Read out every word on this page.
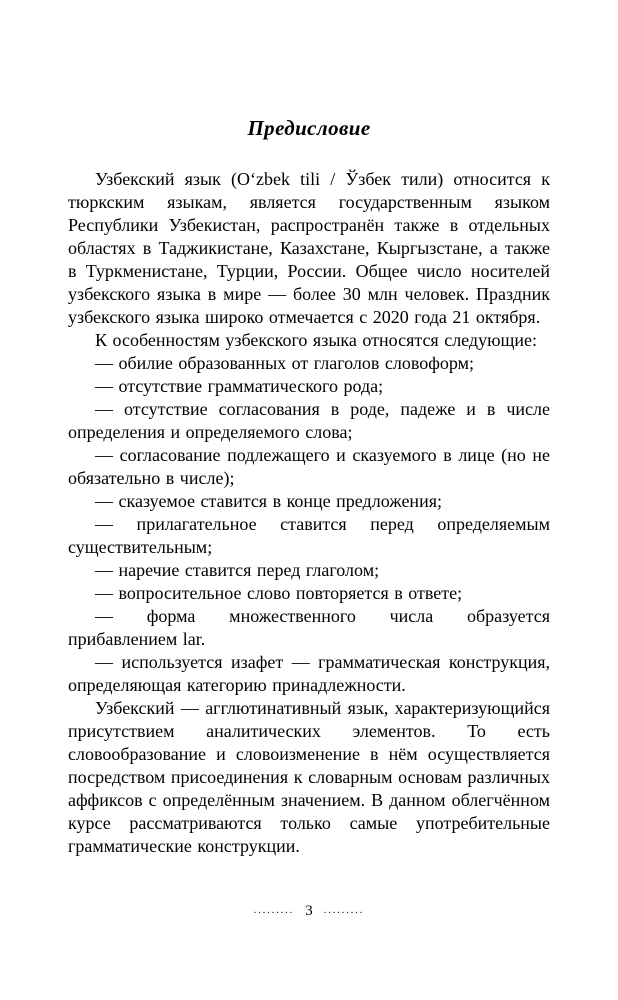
Предисловие

Узбекский язык (O‘zbek tili / Ўзбек тили) относится к тюркским языкам, является государственным языком Республики Узбекистан, распространён также в отдельных областях в Таджикистане, Казахстане, Кыргызстане, а также в Туркменистане, Турции, России. Общее число носителей узбекского языка в мире — более 30 млн человек. Праздник узбекского языка широко отмечается с 2020 года 21 октября.

К особенностям узбекского языка относятся следующие:

— обилие образованных от глаголов словоформ;

— отсутствие грамматического рода;

— отсутствие согласования в роде, падеже и в числе определения и определяемого слова;

— согласование подлежащего и сказуемого в лице (но не обязательно в числе);

— сказуемое ставится в конце предложения;

— прилагательное ставится перед определяемым существительным;

— наречие ставится перед глаголом;

— вопросительное слово повторяется в ответе;

— форма множественного числа образуется прибавлением lar.

— используется изафет — грамматическая конструкция, определяющая категорию принадлежности.

Узбекский — агглютинативный язык, характеризующийся присутствием аналитических элементов. То есть словообразование и словоизменение в нём осуществляется посредством присоединения к словарным основам различных аффиксов с определённым значением. В данном облегчённом курсе рассматриваются только самые употребительные грамматические конструкции.

......... 3 .........
